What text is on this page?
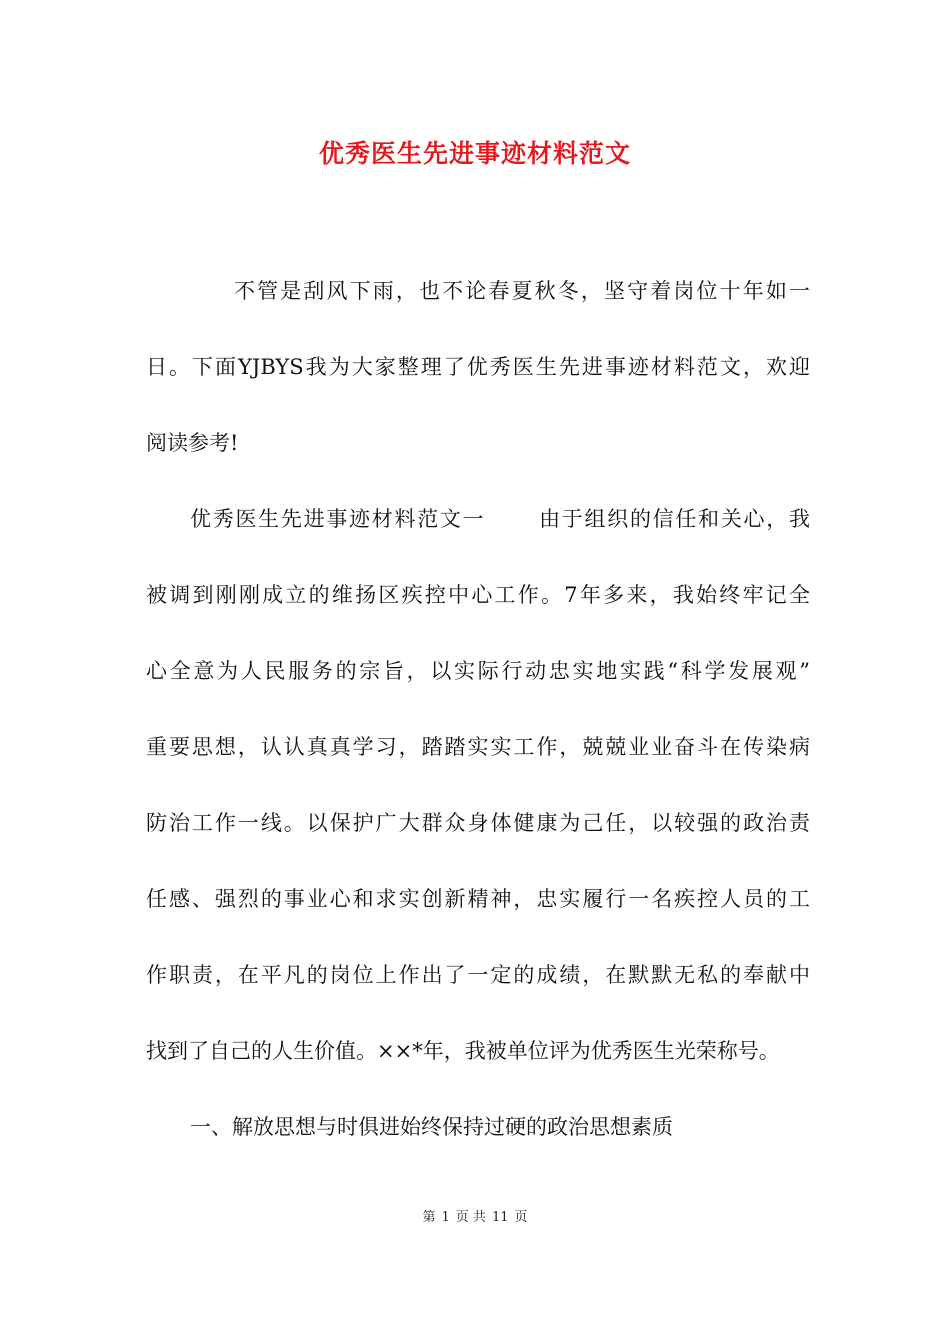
优秀医生先进事迹材料范文
不管是刮风下雨，也不论春夏秋冬，坚守着岗位十年如一
日。下面YJBYS我为大家整理了优秀医生先进事迹材料范文，欢迎
阅读参考!
优秀医生先进事迹材料范文一 由于组织的信任和关心，我
被调到刚刚成立的维扬区疾控中心工作。7年多来，我始终牢记全
心全意为人民服务的宗旨，以实际行动忠实地实践“科学发展观”
重要思想，认认真真学习，踏踏实实工作，兢兢业业奋斗在传染病
防治工作一线。以保护广大群众身体健康为己任，以较强的政治责
任感、强烈的事业心和求实创新精神，忠实履行一名疾控人员的工
作职责，在平凡的岗位上作出了一定的成绩，在默默无私的奉献中
找到了自己的人生价值。××*年，我被单位评为优秀医生光荣称号。
一、解放思想与时俱进始终保持过硬的政治思想素质
第 1 页 共 11 页
